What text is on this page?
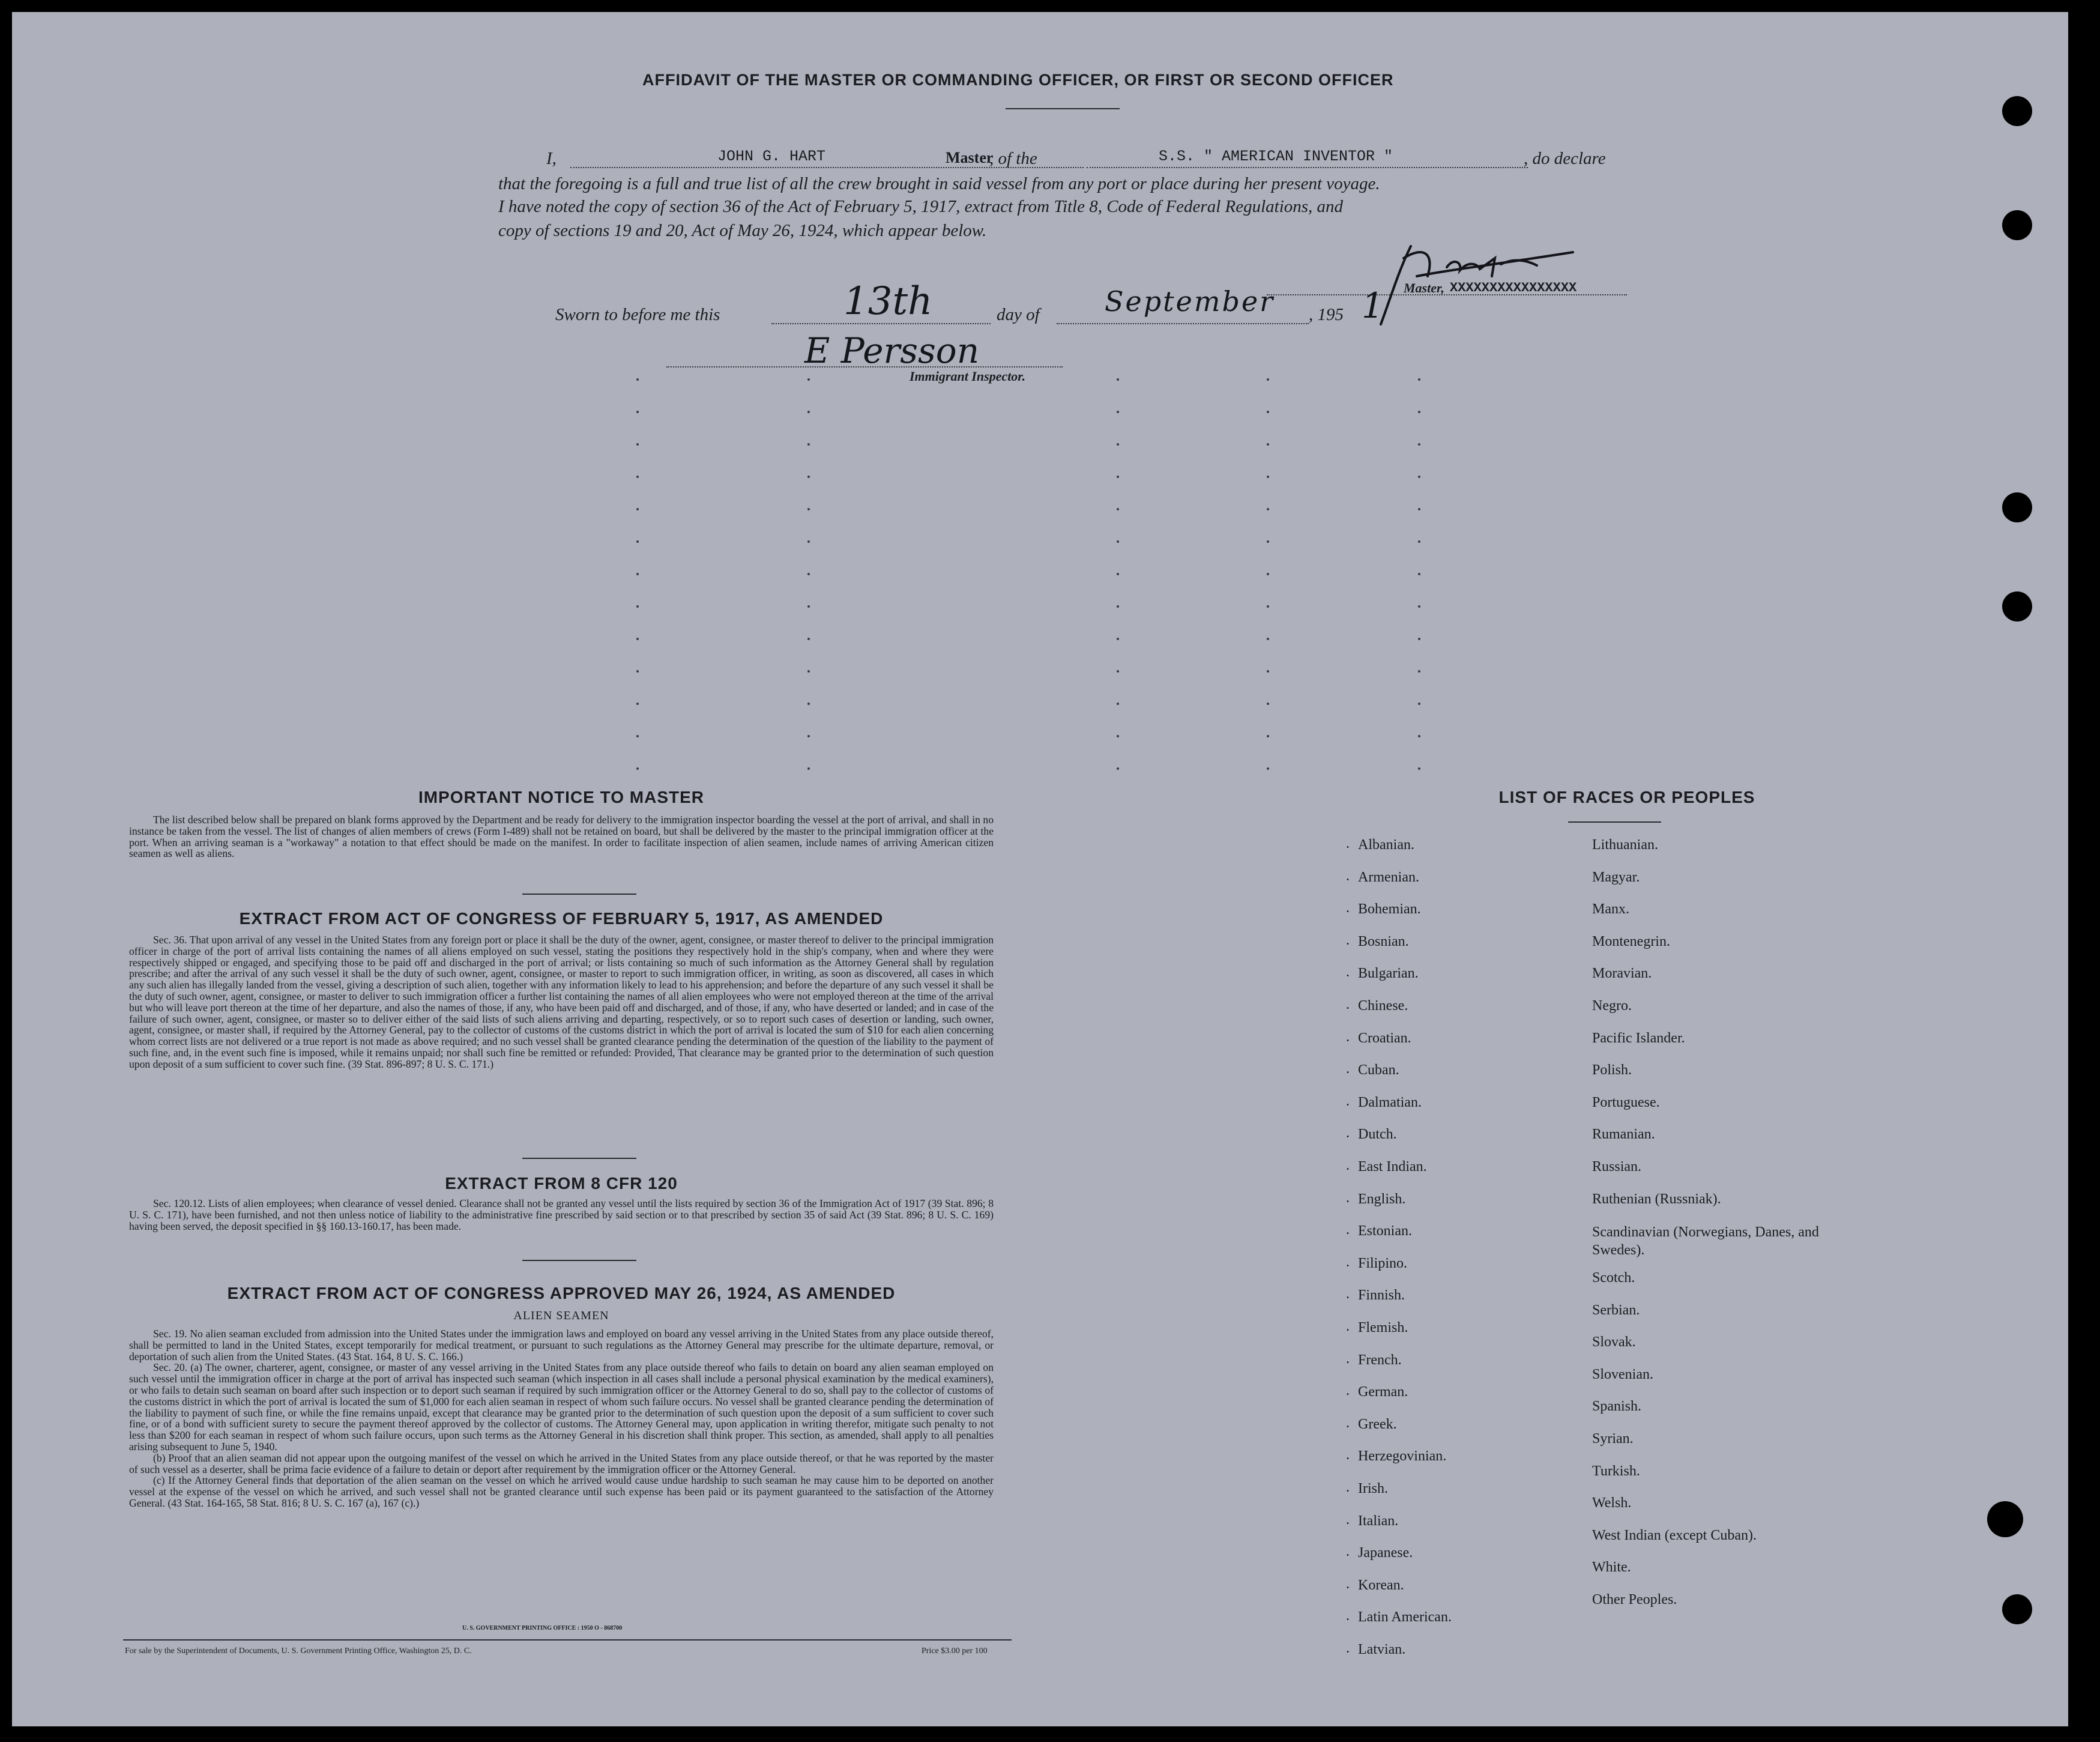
AFFIDAVIT OF THE MASTER OR COMMANDING OFFICER, OR FIRST OR SECOND OFFICER
I,	JOHN G. HART	Master
, of the	S.S. " AMERICAN INVENTOR "	, do declare
that the foregoing is a full and true list of all the crew brought in said vessel from any port or place during her present voyage.
I have noted the copy of section 36 of the Act of February 5, 1917, extract from Title 8, Code of Federal Regulations, and
copy of sections 19 and 20, Act of May 26, 1924, which appear below.
Master, XXXXXXXXXXXXXXXX
Sworn to before me this	13th	day of September , 195 1
E Persson
Immigrant Inspector.
IMPORTANT NOTICE TO MASTER

The list described below shall be prepared on blank forms approved by the Department and be ready for delivery to the immigration inspector boarding the vessel at the port of arrival, and shall in no instance be taken from the vessel. The list of changes of alien members of crews (Form I-489) shall not be retained on board, but shall be delivered by the master to the principal immigration officer at the port. When an arriving seaman is a "workaway" a notation to that effect should be made on the manifest. In order to facilitate inspection of alien seamen, include names of arriving American citizen seamen as well as aliens.

EXTRACT FROM ACT OF CONGRESS OF FEBRUARY 5, 1917, AS AMENDED

Sec. 36. That upon arrival of any vessel in the United States from any foreign port or place it shall be the duty of the owner, agent, consignee, or master thereof to deliver to the principal immigration officer in charge of the port of arrival lists containing the names of all aliens employed on such vessel, stating the positions they respectively hold in the ship's company, when and where they were respectively shipped or engaged, and specifying those to be paid off and discharged in the port of arrival; or lists containing so much of such information as the Attorney General shall by regulation prescribe; and after the arrival of any such vessel it shall be the duty of such owner, agent, consignee, or master to report to such immigration officer, in writing, as soon as discovered, all cases in which any such alien has illegally landed from the vessel, giving a description of such alien, together with any information likely to lead to his apprehension; and before the departure of any such vessel it shall be the duty of such owner, agent, consignee, or master to deliver to such immigration officer a further list containing the names of all alien employees who were not employed thereon at the time of the arrival but who will leave port thereon at the time of her departure, and also the names of those, if any, who have been paid off and discharged, and of those, if any, who have deserted or landed; and in case of the failure of such owner, agent, consignee, or master so to deliver either of the said lists of such aliens arriving and departing, respectively, or so to report such cases of desertion or landing, such owner, agent, consignee, or master shall, if required by the Attorney General, pay to the collector of customs of the customs district in which the port of arrival is located the sum of $10 for each alien concerning whom correct lists are not delivered or a true report is not made as above required; and no such vessel shall be granted clearance pending the determination of the question of the liability to the payment of such fine, and, in the event such fine is imposed, while it remains unpaid; nor shall such fine be remitted or refunded: Provided, That clearance may be granted prior to the determination of such question upon deposit of a sum sufficient to cover such fine. (39 Stat. 896-897; 8 U. S. C. 171.)

EXTRACT FROM 8 CFR 120

Sec. 120.12. Lists of alien employees; when clearance of vessel denied. Clearance shall not be granted any vessel until the lists required by section 36 of the Immigration Act of 1917 (39 Stat. 896; 8 U. S. C. 171), have been furnished, and not then unless notice of liability to the administrative fine prescribed by said section or to that prescribed by section 35 of said Act (39 Stat. 896; 8 U. S. C. 169) having been served, the deposit specified in §§ 160.13-160.17, has been made.

EXTRACT FROM ACT OF CONGRESS APPROVED MAY 26, 1924, AS AMENDED
ALIEN SEAMEN

Sec. 19. No alien seaman excluded from admission into the United States under the immigration laws and employed on board any vessel arriving in the United States from any place outside thereof, shall be permitted to land in the United States, except temporarily for medical treatment, or pursuant to such regulations as the Attorney General may prescribe for the ultimate departure, removal, or deportation of such alien from the United States. (43 Stat. 164, 8 U. S. C. 166.)

Sec. 20. (a) The owner, charterer, agent, consignee, or master of any vessel arriving in the United States from any place outside thereof who fails to detain on board any alien seaman employed on such vessel until the immigration officer in charge at the port of arrival has inspected such seaman (which inspection in all cases shall include a personal physical examination by the medical examiners), or who fails to detain such seaman on board after such inspection or to deport such seaman if required by such immigration officer or the Attorney General to do so, shall pay to the collector of customs of the customs district in which the port of arrival is located the sum of $1,000 for each alien seaman in respect of whom such failure occurs. No vessel shall be granted clearance pending the determination of the liability to payment of such fine, or while the fine remains unpaid, except that clearance may be granted prior to the determination of such question upon the deposit of a sum sufficient to cover such fine, or of a bond with sufficient surety to secure the payment thereof approved by the collector of customs. The Attorney General may, upon application in writing therefor, mitigate such penalty to not less than $200 for each seaman in respect of whom such failure occurs, upon such terms as the Attorney General in his discretion shall think proper. This section, as amended, shall apply to all penalties arising subsequent to June 5, 1940.

(b) Proof that an alien seaman did not appear upon the outgoing manifest of the vessel on which he arrived in the United States from any place outside thereof, or that he was reported by the master of such vessel as a deserter, shall be prima facie evidence of a failure to detain or deport after requirement by the immigration officer or the Attorney General.

(c) If the Attorney General finds that deportation of the alien seaman on the vessel on which he arrived would cause undue hardship to such seaman he may cause him to be deported on another vessel at the expense of the vessel on which he arrived, and such vessel shall not be granted clearance until such expense has been paid or its payment guaranteed to the satisfaction of the Attorney General. (43 Stat. 164-165, 58 Stat. 816; 8 U. S. C. 167 (a), 167 (c).)

U. S. GOVERNMENT PRINTING OFFICE : 1950 O - 868700
For sale by the Superintendent of Documents, U. S. Government Printing Office, Washington 25, D. C.	Price $3.00 per 100
LIST OF RACES OR PEOPLES
Albanian.
.
Armenian.
.
Bohemian.
.
Bosnian.
.
Bulgarian.
.
Chinese.
.
Croatian.
.
Cuban.
.
Dalmatian.
.
Dutch.
.
East Indian.
.
English.
.
Estonian.
.
Filipino.
.
Finnish.
.
Flemish.
.
French.
.
German.
.
Greek.
.
Herzegovinian.
.
Irish.
.
Italian.
.
Japanese.
.
Korean.
.
Latin American.
.
Latvian.
.
Lithuanian.
Magyar.
Manx.
Montenegrin.
Moravian.
Negro.
Pacific Islander.
Polish.
Portuguese.
Rumanian.
Russian.
Ruthenian (Russniak).
Scandinavian (Norwegians, Danes, and Swedes).
Scotch.
Serbian.
Slovak.
Slovenian.
Spanish.
Syrian.
Turkish.
Welsh.
West Indian (except Cuban).
White.
Other Peoples.
